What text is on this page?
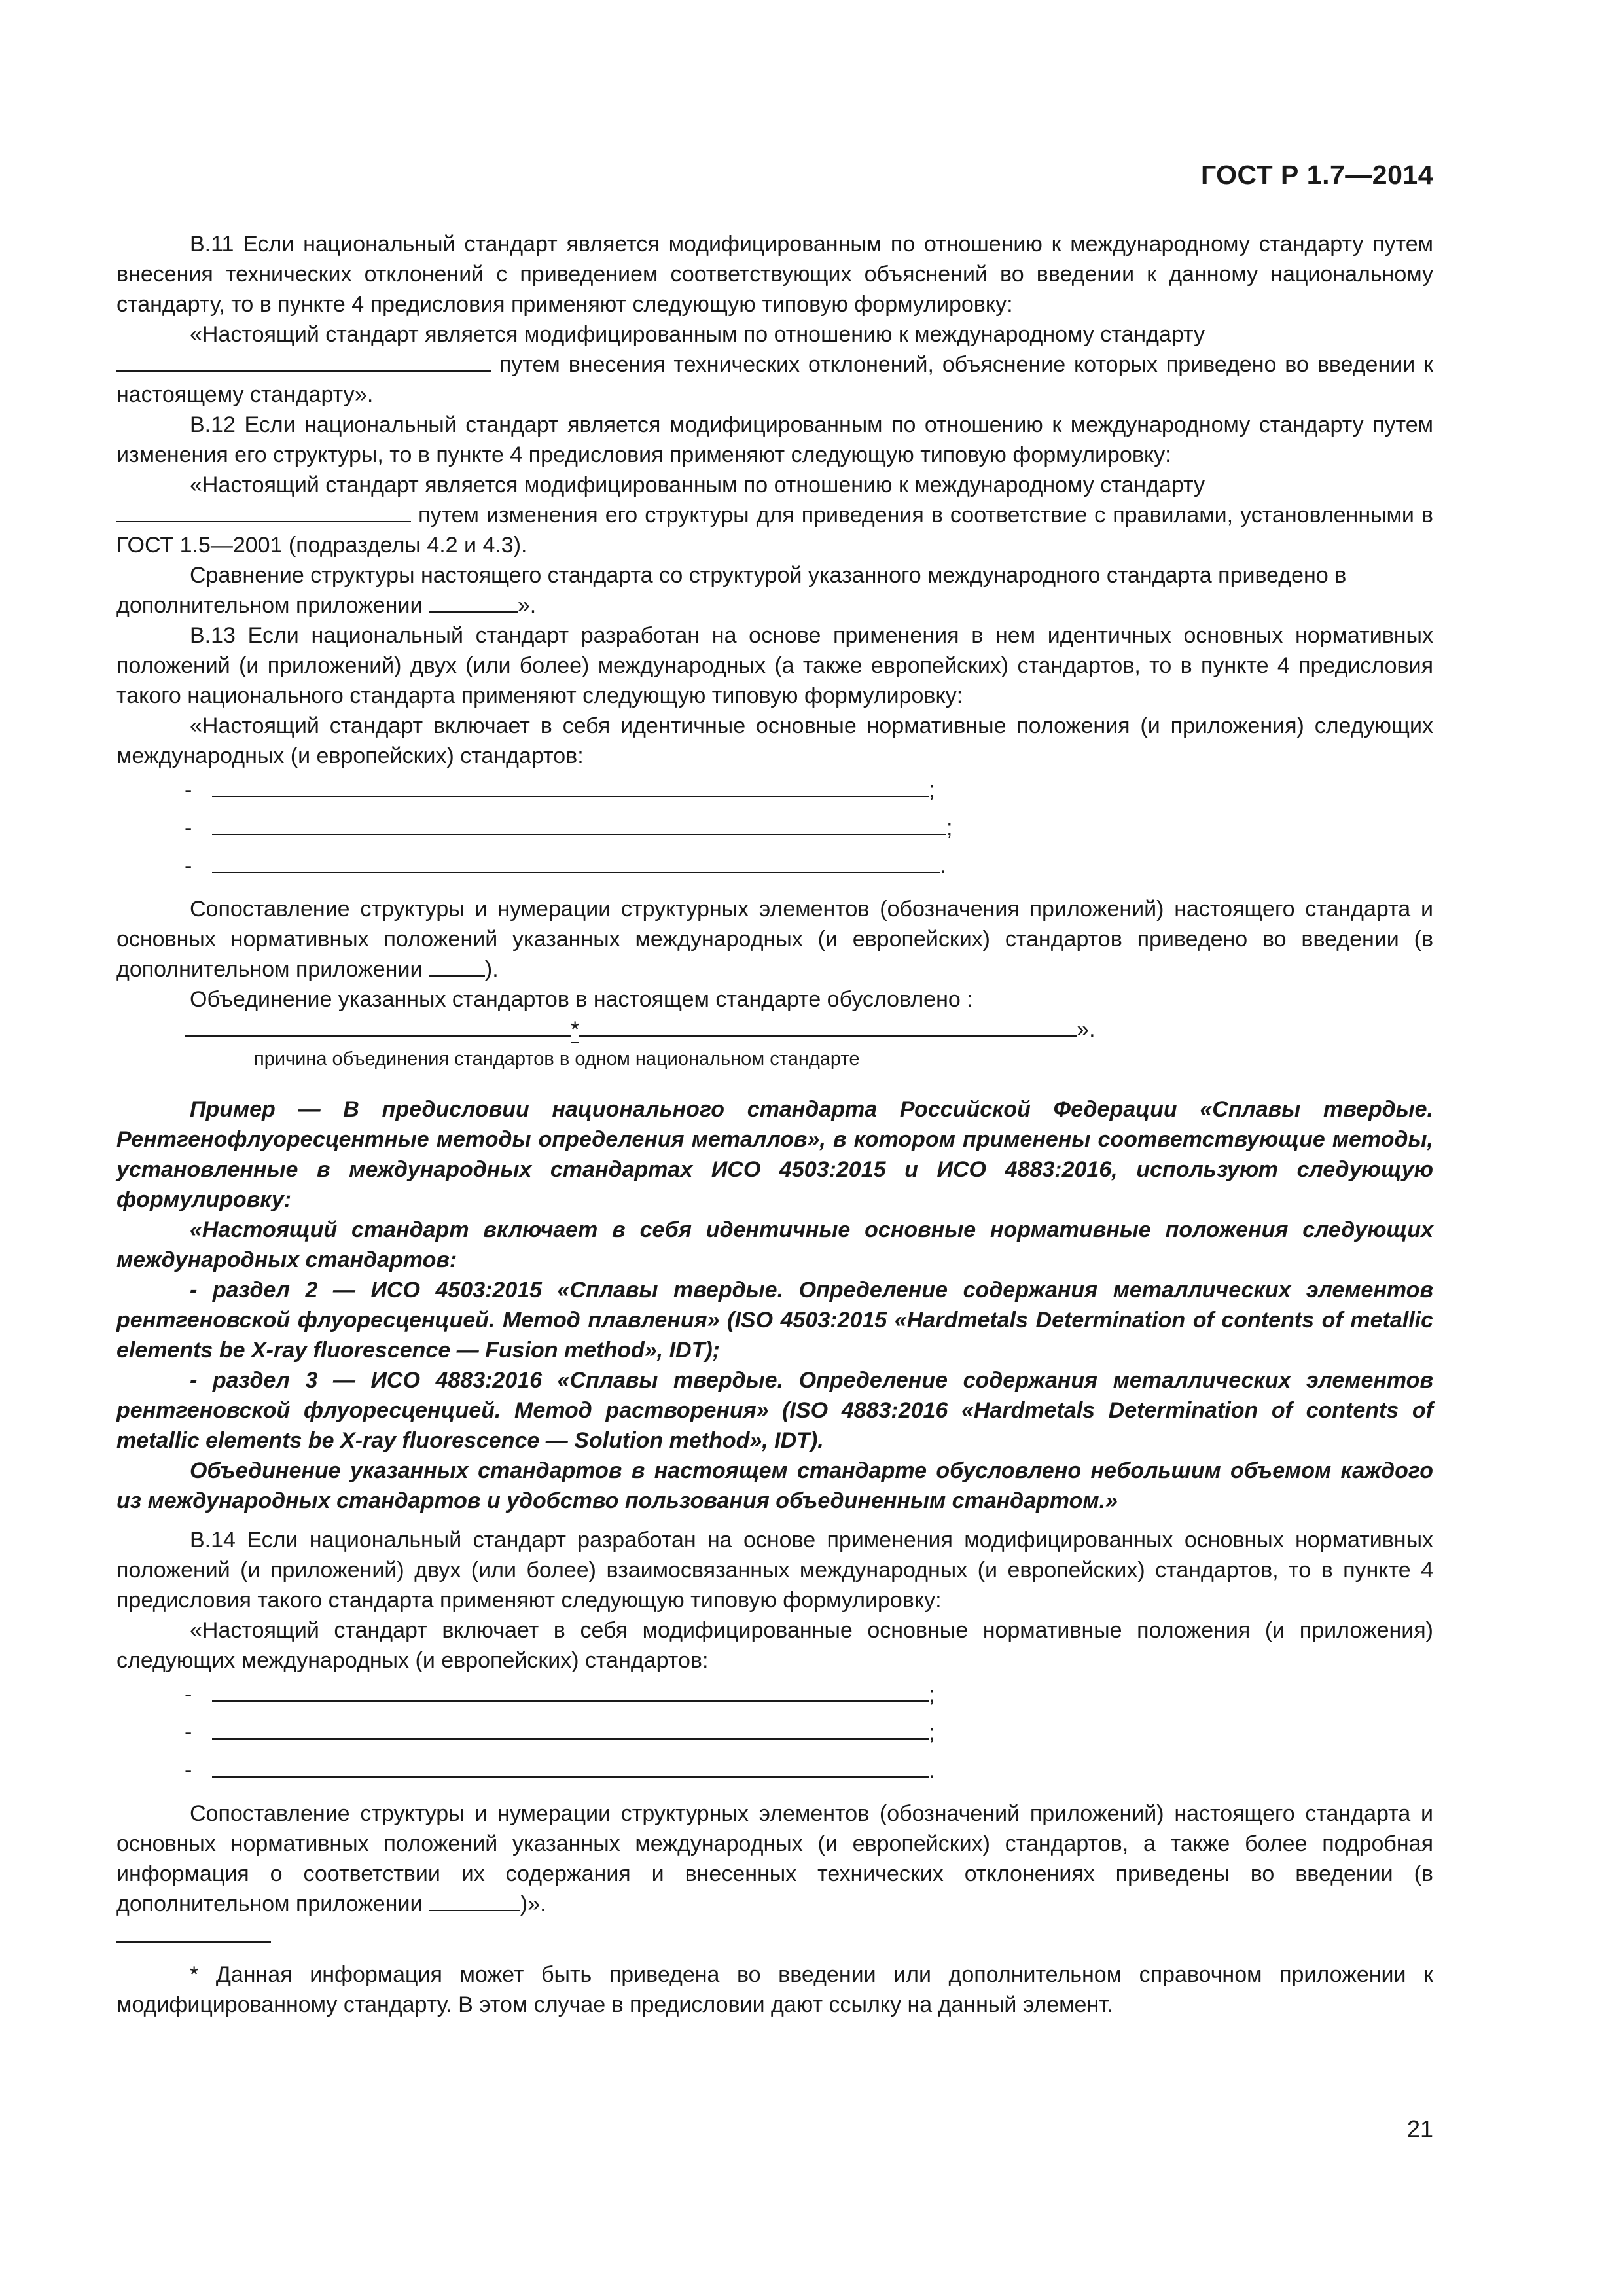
ГОСТ Р 1.7—2014

В.11 Если национальный стандарт является модифицированным по отношению к международному стандарту путем внесения технических отклонений с приведением соответствующих объяснений во введении к данному национальному стандарту, то в пункте 4 предисловия применяют следующую типовую формулировку:

«Настоящий стандарт является модифицированным по отношению к международному стандарту

путем внесения технических отклонений, объяснение которых приведено во введении к настоящему стандарту».

В.12 Если национальный стандарт является модифицированным по отношению к международному стандарту путем изменения его структуры, то в пункте 4 предисловия применяют следующую типовую формулировку:

«Настоящий стандарт является модифицированным по отношению к международному стандарту

путем изменения его структуры для приведения в соответствие с правилами, установленными в ГОСТ 1.5—2001 (подразделы 4.2 и 4.3).

Сравнение структуры настоящего стандарта со структурой указанного международного стандарта приведено в дополнительном приложении	».

В.13 Если национальный стандарт разработан на основе применения в нем идентичных основных нормативных положений (и приложений) двух (или более) международных (а также европейских) стандартов, то в пункте 4 предисловия такого национального стандарта применяют следующую типовую формулировку:

«Настоящий стандарт включает в себя идентичные основные нормативные положения (и приложения) следующих международных (и европейских) стандартов:

-	;
-	;
-	.

Сопоставление структуры и нумерации структурных элементов (обозначения приложений) настоящего стандарта и основных нормативных положений указанных международных (и европейских) стандартов приведено во введении (в дополнительном приложении	).

Объединение указанных стандартов в настоящем стандарте обусловлено :

*	».

причина объединения стандартов в одном национальном стандарте

Пример — В предисловии национального стандарта Российской Федерации «Сплавы твердые. Рентгенофлуоресцентные методы определения металлов», в котором применены соответствующие методы, установленные в международных стандартах ИСО 4503:2015 и ИСО 4883:2016, используют следующую формулировку:

«Настоящий стандарт включает в себя идентичные основные нормативные положения следующих международных стандартов:

- раздел 2 — ИСО 4503:2015 «Сплавы твердые. Определение содержания металлических элементов рентгеновской флуоресценцией. Метод плавления» (ISO 4503:2015 «Hardmetals Determination of contents of metallic elements be X-ray fluorescence — Fusion method», IDT);

- раздел 3 — ИСО 4883:2016 «Сплавы твердые. Определение содержания металлических элементов рентгеновской флуоресценцией. Метод растворения» (ISO 4883:2016 «Hardmetals Determination of contents of metallic elements be X-ray fluorescence — Solution method», IDT).

Объединение указанных стандартов в настоящем стандарте обусловлено небольшим объемом каждого из международных стандартов и удобство пользования объединенным стандартом.»

В.14 Если национальный стандарт разработан на основе применения модифицированных основных нормативных положений (и приложений) двух (или более) взаимосвязанных международных (и европейских) стандартов, то в пункте 4 предисловия такого стандарта применяют следующую типовую формулировку:

«Настоящий стандарт включает в себя модифицированные основные нормативные положения (и приложения) следующих международных (и европейских) стандартов:

-	;
-	;
-	.

Сопоставление структуры и нумерации структурных элементов (обозначений приложений) настоящего стандарта и основных нормативных положений указанных международных (и европейских) стандартов, а также более подробная информация о соответствии их содержания и внесенных технических отклонениях приведены во введении (в дополнительном приложении	)».

* Данная информация может быть приведена во введении или дополнительном справочном приложении к модифицированному стандарту. В этом случае в предисловии дают ссылку на данный элемент.

21
